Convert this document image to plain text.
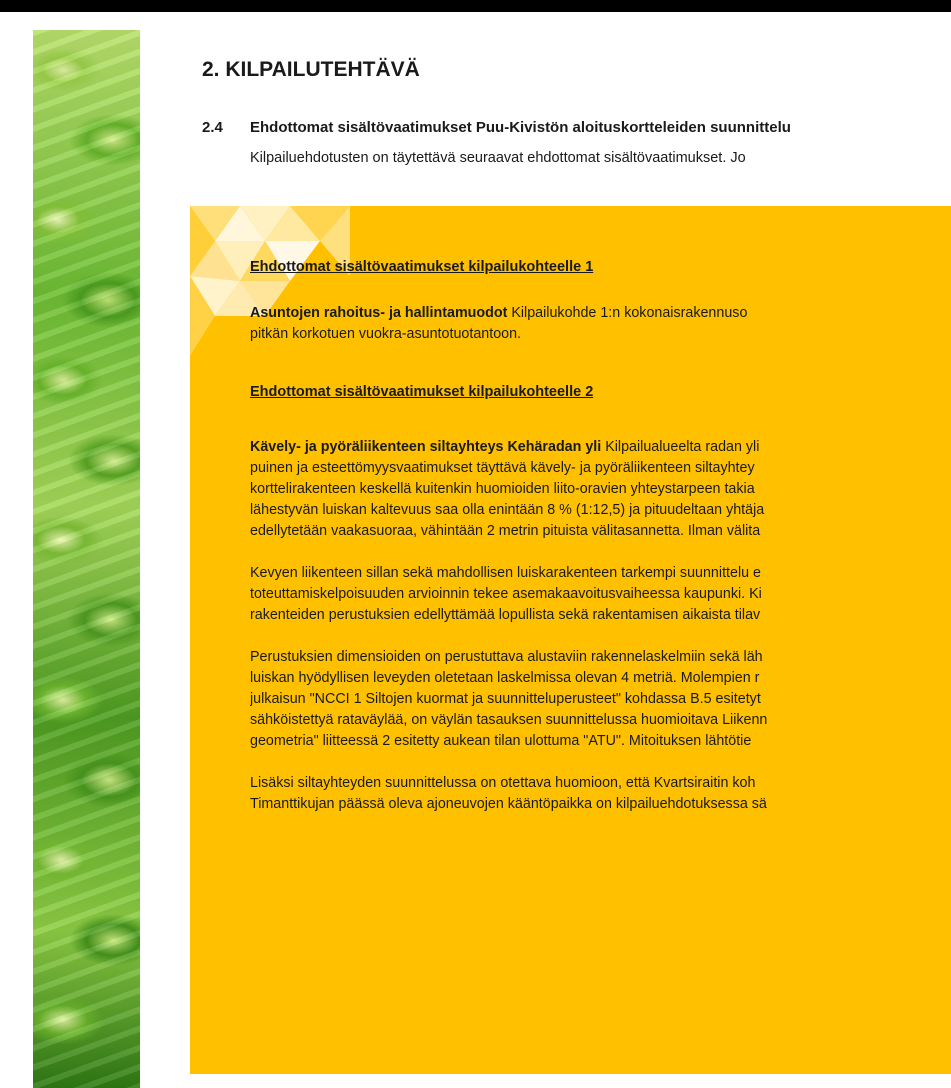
2. KILPAILUTEHTÄVÄ
2.4 Ehdottomat sisältövaatimukset Puu-Kivistön aloituskortteleiden suunnittelu
Kilpailuehdotusten on täytettävä seuraavat ehdottomat sisältövaatimukset. Jo
Ehdottomat sisältövaatimukset kilpailukohteelle 1
Asuntojen rahoitus- ja hallintamuodot Kilpailukohde 1:n kokonaisrakennuso
pitkän korkotuen vuokra-asuntotuotantoon.
Ehdottomat sisältövaatimukset kilpailukohteelle 2
Kävely- ja pyöräliikenteen siltayhteys Kehäradan yli Kilpailualueelta radan yli
puinen ja esteettömyysvaatimukset täyttävä kävely- ja pyöräliikenteen siltayhtey
korttelirakenteen keskellä kuitenkin huomioiden liito-oravien yhteystarpeen takia
lähestyvän luiskan kaltevuus saa olla enintään 8 % (1:12,5) ja pituudeltaan yhtäja
edellytetään vaakasuoraa, vähintään 2 metrin pituista välitasannetta. Ilman välita
Kevyen liikenteen sillan sekä mahdollisen luiskarakenteen tarkempi suunnittelu e
toteuttamiskelpoisuuden arvioinnin tekee asemakaavoitusvaiheessa kaupunki. Ki
rakenteiden perustuksien edellyttämää lopullista sekä rakentamisen aikaista tilav
Perustuksien dimensioiden on perustuttava alustaviin rakennelaskelmiin sekä läh
luiskan hyödyllisen leveyden oletetaan laskelmissa olevan 4 metriä. Molempien r
julkaisun "NCCI 1 Siltojen kuormat ja suunnitteluperusteet" kohdassa B.5 esitetyt
sähköistettyä rataväylää, on väylän tasauksen suunnittelussa huomioitava Liikenn
geometria" liitteessä 2 esitetty aukean tilan ulottuma "ATU". Mitoituksen lähtötie
Lisäksi siltayhteyden suunnittelussa on otettava huomioon, että Kvartsiraitin koh
Timanttikujan päässä oleva ajoneuvojen kääntöpaikka on kilpailuehdotuksessa sä
